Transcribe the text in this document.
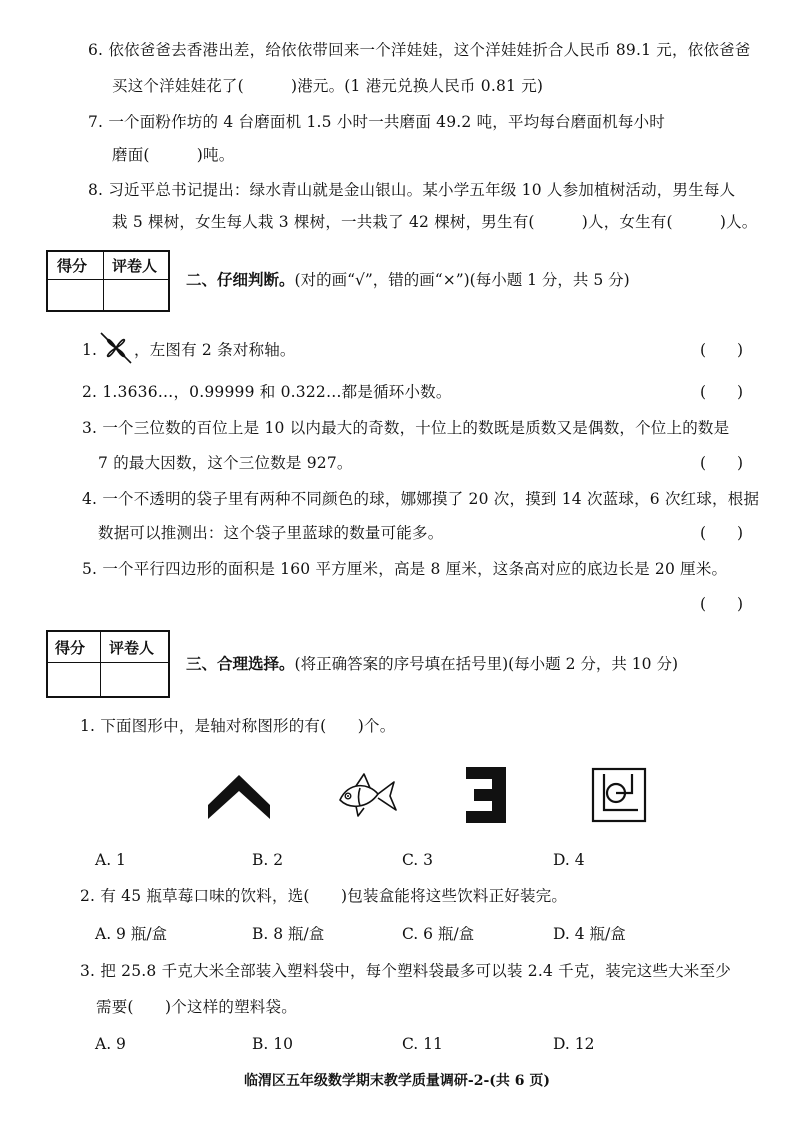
6. 依依爸爸去香港出差，给依依带回来一个洋娃娃，这个洋娃娃折合人民币 89.1 元，依依爸爸
买这个洋娃娃花了(　　　)港元。(1 港元兑换人民币 0.81 元)
7. 一个面粉作坊的 4 台磨面机 1.5 小时一共磨面 49.2 吨，平均每台磨面机每小时
磨面(　　　)吨。
8. 习近平总书记提出：绿水青山就是金山银山。某小学五年级 10 人参加植树活动，男生每人
栽 5 棵树，女生每人栽 3 棵树，一共栽了 42 棵树，男生有(　　　)人，女生有(　　　)人。
得分 评卷人
二、仔细判断。(对的画“√”，错的画“×”)(每小题 1 分，共 5 分)
1. ，左图有 2 条对称轴。	(　　)
2. 1.3636…，0.99999 和 0.322…都是循环小数。	(　　)
3. 一个三位数的百位上是 10 以内最大的奇数，十位上的数既是质数又是偶数，个位上的数是
7 的最大因数，这个三位数是 927。	(　　)
4. 一个不透明的袋子里有两种不同颜色的球，娜娜摸了 20 次，摸到 14 次蓝球，6 次红球，根据
数据可以推测出：这个袋子里蓝球的数量可能多。	(　　)
5. 一个平行四边形的面积是 160 平方厘米，高是 8 厘米，这条高对应的底边长是 20 厘米。
(　　)
得分 评卷人
三、合理选择。(将正确答案的序号填在括号里)(每小题 2 分，共 10 分)
1. 下面图形中，是轴对称图形的有(　　)个。
A. 1	B. 2	C. 3	D. 4
2. 有 45 瓶草莓口味的饮料，选(　　)包装盒能将这些饮料正好装完。
A. 9 瓶/盒	B. 8 瓶/盒	C. 6 瓶/盒	D. 4 瓶/盒
3. 把 25.8 千克大米全部装入塑料袋中，每个塑料袋最多可以装 2.4 千克，装完这些大米至少
需要(　　)个这样的塑料袋。
A. 9	B. 10	C. 11	D. 12
临渭区五年级数学期末教学质量调研-2-(共 6 页)
